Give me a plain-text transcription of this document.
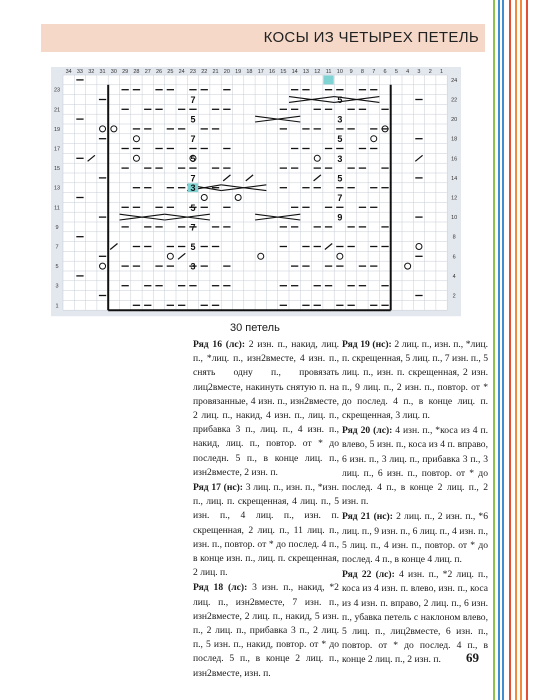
КОСЫ ИЗ ЧЕТЫРЕХ ПЕТЕЛЬ
34 33 32 31 30 29 28 27 26 25 24 23 22 21 20 19 18 17 16 15 14 13 12 11 10 9 8 7 6 5 4 3 2 1
23
21
19
17
15
13
11
9
7
5
3
1
24
22
20
18
16
14
12
10
8
6
4
2
7
5
7
5
7
3
5
7
5
3
9
7
5
3
5
3
5
30 петель

Ряд 16 (лс): 2 изн. п., накид, лиц. п., *лиц. п., изн2вместе, 4 изн. п., снять одну п., провязать лиц2вместе, накинуть снятую п. на провязанные, 4 изн. п., изн2вместе, 2 лиц. п., накид, 4 изн. п., лиц. п., прибавка 3 п., лиц. п., 4 изн. п., накид, лиц. п., повтор. от * до последн. 5 п., в конце лиц. п., изн2вместе, 2 изн. п.

Ряд 17 (нс): 3 лиц. п., изн. п., *изн. п., лиц. п. скрещенная, 4 лиц. п., 5 изн. п., 4 лиц. п., изн. п. скрещенная, 2 лиц. п., 11 лиц. п., изн. п., повтор. от * до послед. 4 п., в конце изн. п., лиц. п. скрещенная, 2 лиц. п.

Ряд 18 (лс): 3 изн. п., накид, *2 лиц. п., изн2вместе, 7 изн. п., изн2вместе, 2 лиц. п., накид, 5 изн. п., 2 лиц. п., прибавка 3 п., 2 лиц. п., 5 изн. п., накид, повтор. от * до послед. 5 п., в конце 2 лиц. п., изн2вместе, изн. п.

Ряд 19 (нс): 2 лиц. п., изн. п., *лиц. п. скрещенная, 5 лиц. п., 7 изн. п., 5 лиц. п., изн. п. скрещенная, 2 изн. п., 9 лиц. п., 2 изн. п., повтор. от * до послед. 4 п., в конце лиц. п. скрещенная, 3 лиц. п.

Ряд 20 (лс): 4 изн. п., *коса из 4 п. влево, 5 изн. п., коса из 4 п. вправо, 6 изн. п., 3 лиц. п., прибавка 3 п., 3 лиц. п., 6 изн. п., повтор. от * до послед. 4 п., в конце 2 лиц. п., 2 изн. п.

Ряд 21 (нс): 2 лиц. п., 2 изн. п., *6 лиц. п., 9 изн. п., 6 лиц. п., 4 изн. п., 5 лиц. п., 4 изн. п., повтор. от * до послед. 4 п., в конце 4 лиц. п.

Ряд 22 (лс): 4 изн. п., *2 лиц. п., коса из 4 изн. п. влево, изн. п., коса из 4 изн. п. вправо, 2 лиц. п., 6 изн. п., убавка петель с наклоном влево, 5 лиц. п., лиц2вместе, 6 изн. п., повтор. от * до послед. 4 п., в конце 2 лиц. п., 2 изн. п.	69
